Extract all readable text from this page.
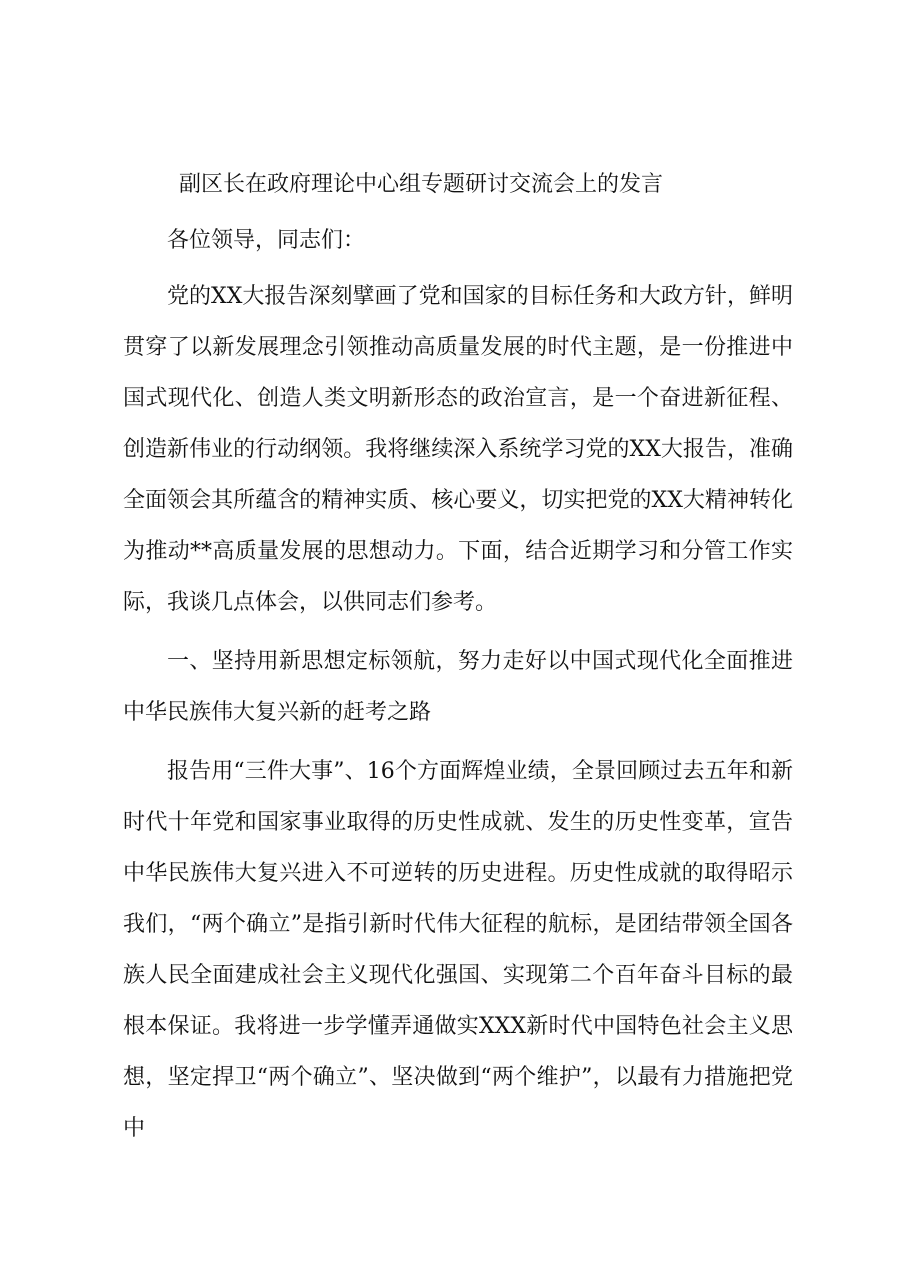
副区长在政府理论中心组专题研讨交流会上的发言

各位领导，同志们：

党的XX大报告深刻擘画了党和国家的目标任务和大政方针，鲜明贯穿了以新发展理念引领推动高质量发展的时代主题，是一份推进中国式现代化、创造人类文明新形态的政治宣言，是一个奋进新征程、创造新伟业的行动纲领。我将继续深入系统学习党的XX大报告，准确全面领会其所蕴含的精神实质、核心要义，切实把党的XX大精神转化为推动**高质量发展的思想动力。下面，结合近期学习和分管工作实际，我谈几点体会，以供同志们参考。

一、坚持用新思想定标领航，努力走好以中国式现代化全面推进中华民族伟大复兴新的赶考之路

报告用“三件大事”、16个方面辉煌业绩，全景回顾过去五年和新时代十年党和国家事业取得的历史性成就、发生的历史性变革，宣告中华民族伟大复兴进入不可逆转的历史进程。历史性成就的取得昭示我们，“两个确立”是指引新时代伟大征程的航标，是团结带领全国各族人民全面建成社会主义现代化强国、实现第二个百年奋斗目标的最根本保证。我将进一步学懂弄通做实XXX新时代中国特色社会主义思想，坚定捍卫“两个确立”、坚决做到“两个维护”，以最有力措施把党中
